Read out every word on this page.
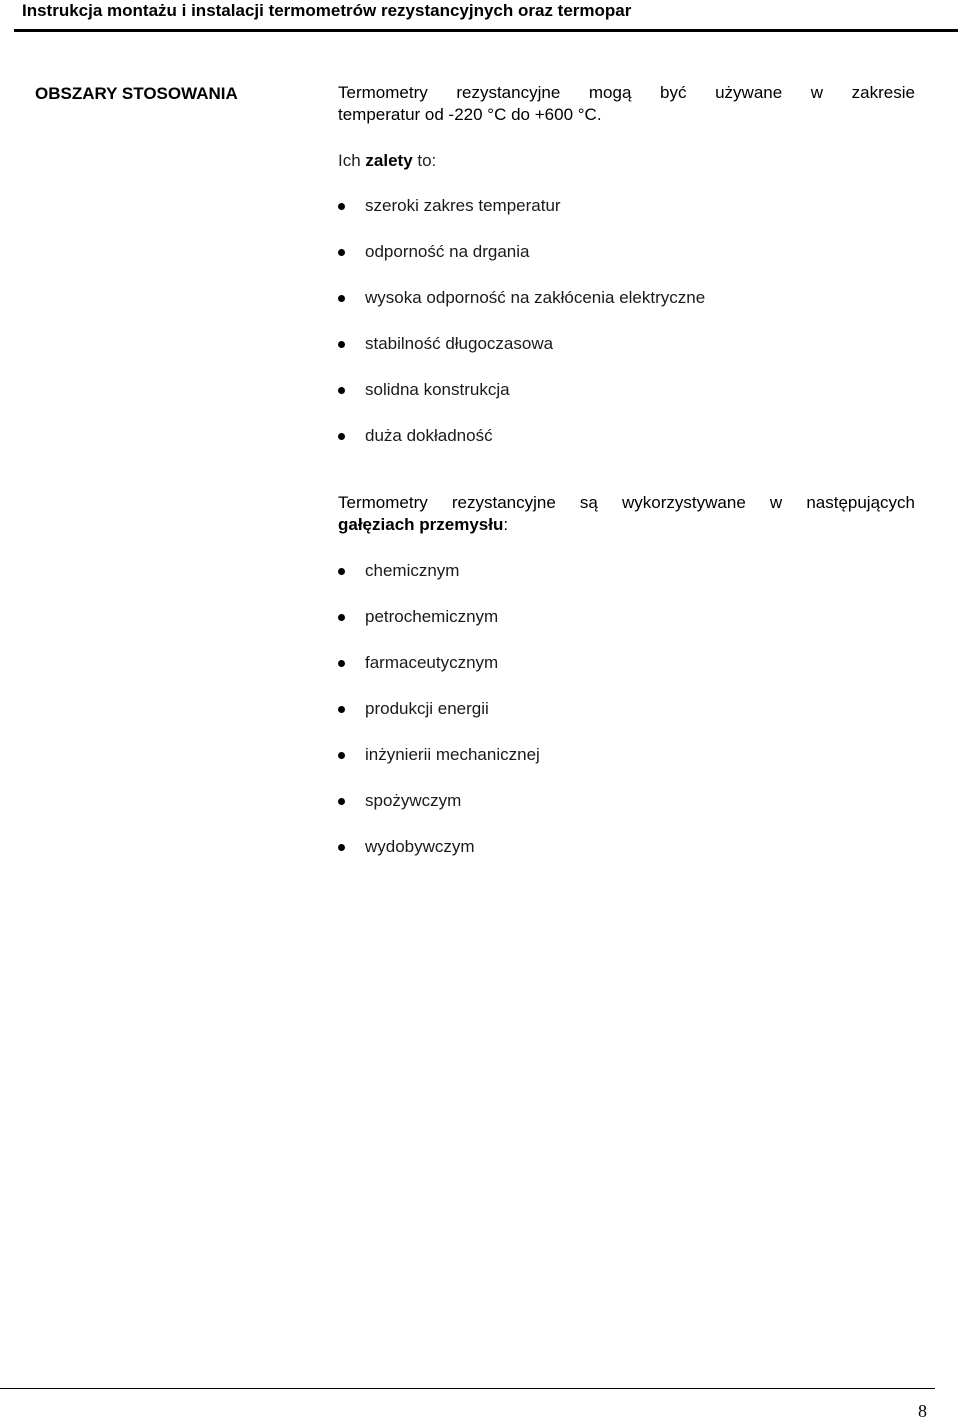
Instrukcja montażu i instalacji termometrów rezystancyjnych oraz termopar
OBSZARY STOSOWANIA	Termometry rezystancyjne mogą być używane w zakresie

temperatur od -220 °C do +600 °C.

Ich zalety to:
szeroki zakres temperatur
odporność na drgania
wysoka odporność na zakłócenia elektryczne
stabilność długoczasowa
solidna konstrukcja
duża dokładność

Termometry rezystancyjne są wykorzystywane w następujących

gałęziach przemysłu:

chemicznym
petrochemicznym
farmaceutycznym
produkcji energii
inżynierii mechanicznej
spożywczym
wydobywczym
8
